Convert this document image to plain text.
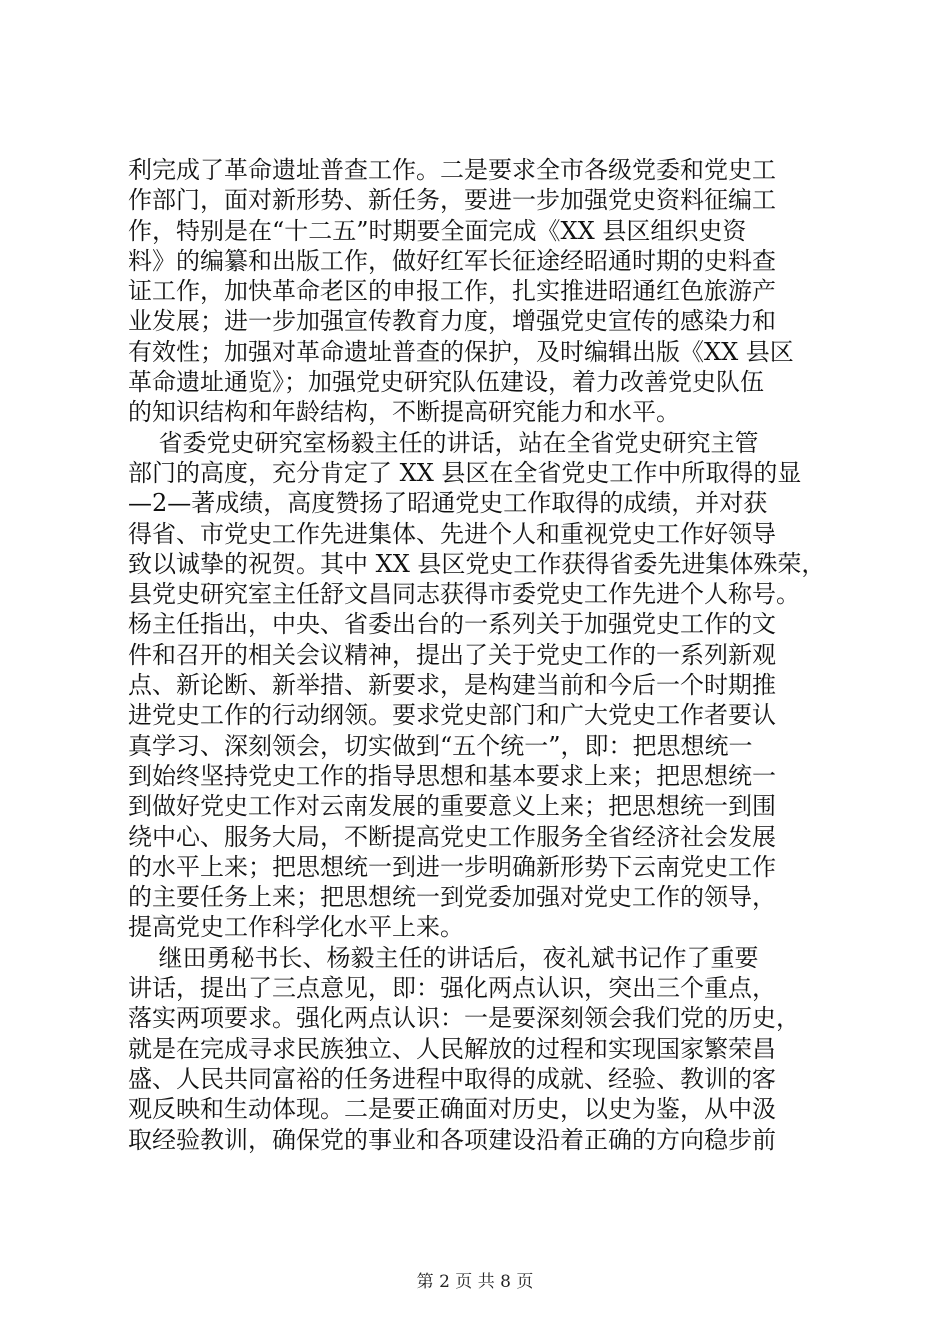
利完成了革命遗址普查工作。二是要求全市各级党委和党史工
作部门，面对新形势、新任务，要进一步加强党史资料征编工
作，特别是在“十二五”时期要全面完成《XX 县区组织史资
料》的编纂和出版工作，做好红军长征途经昭通时期的史料查
证工作，加快革命老区的申报工作，扎实推进昭通红色旅游产
业发展；进一步加强宣传教育力度，增强党史宣传的感染力和
有效性；加强对革命遗址普查的保护，及时编辑出版《XX 县区
革命遗址通览》；加强党史研究队伍建设，着力改善党史队伍
的知识结构和年龄结构，不断提高研究能力和水平。
省委党史研究室杨毅主任的讲话，站在全省党史研究主管
部门的高度，充分肯定了 XX 县区在全省党史工作中所取得的显
—2—著成绩，高度赞扬了昭通党史工作取得的成绩，并对获
得省、市党史工作先进集体、先进个人和重视党史工作好领导
致以诚挚的祝贺。其中 XX 县区党史工作获得省委先进集体殊荣，
县党史研究室主任舒文昌同志获得市委党史工作先进个人称号。
杨主任指出，中央、省委出台的一系列关于加强党史工作的文
件和召开的相关会议精神，提出了关于党史工作的一系列新观
点、新论断、新举措、新要求，是构建当前和今后一个时期推
进党史工作的行动纲领。要求党史部门和广大党史工作者要认
真学习、深刻领会，切实做到“五个统一”，即：把思想统一
到始终坚持党史工作的指导思想和基本要求上来；把思想统一
到做好党史工作对云南发展的重要意义上来；把思想统一到围
绕中心、服务大局，不断提高党史工作服务全省经济社会发展
的水平上来；把思想统一到进一步明确新形势下云南党史工作
的主要任务上来；把思想统一到党委加强对党史工作的领导，
提高党史工作科学化水平上来。
继田勇秘书长、杨毅主任的讲话后，夜礼斌书记作了重要
讲话，提出了三点意见，即：强化两点认识，突出三个重点，
落实两项要求。强化两点认识：一是要深刻领会我们党的历史，
就是在完成寻求民族独立、人民解放的过程和实现国家繁荣昌
盛、人民共同富裕的任务进程中取得的成就、经验、教训的客
观反映和生动体现。二是要正确面对历史，以史为鉴，从中汲
取经验教训，确保党的事业和各项建设沿着正确的方向稳步前
第 2 页 共 8 页
